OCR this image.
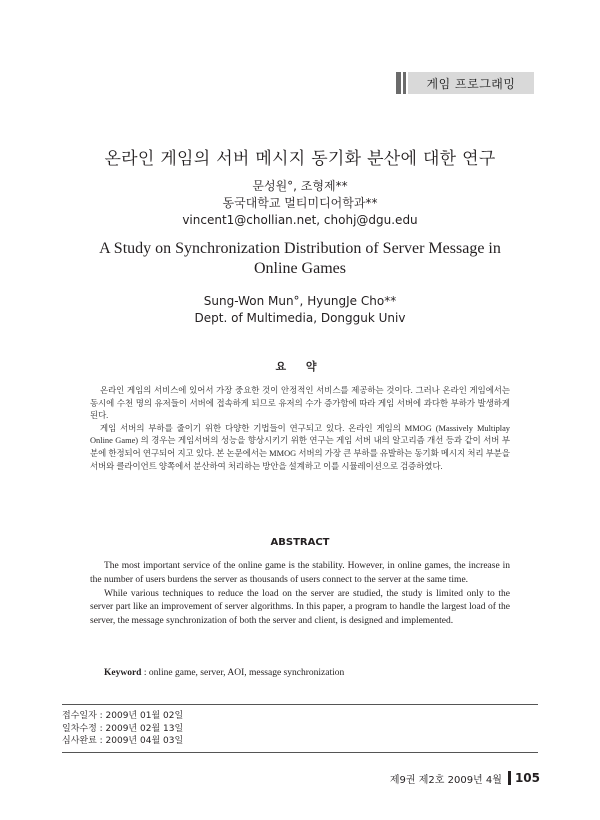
게임 프로그래밍
온라인 게임의 서버 메시지 동기화 분산에 대한 연구
문성원°, 조형제**
동국대학교 멀티미디어학과**
vincent1@chollian.net, chohj@dgu.edu
A Study on Synchronization Distribution of Server Message in
Online Games
Sung-Won Mun°, HyungJe Cho**
Dept. of Multimedia, Dongguk Univ
요 약

온라인 게임의 서비스에 있어서 가장 중요한 것이 안정적인 서비스를 제공하는 것이다. 그러나 온라인 게임에서는 동시에 수천 명의 유저들이 서버에 접속하게 되므로 유저의 수가 증가함에 따라 게임 서버에 과다한 부하가 발생하게 된다.

게임 서버의 부하를 줄이기 위한 다양한 기법들이 연구되고 있다. 온라인 게임의 MMOG (Massively Multiplay Online Game) 의 경우는 게임서버의 성능을 향상시키기 위한 연구는 게임 서버 내의 알고리즘 개선 등과 같이 서버 부분에 한정되어 연구되어 지고 있다. 본 논문에서는 MMOG 서버의 가장 큰 부하를 유발하는 동기화 메시지 처리 부분을 서버와 클라이언트 양쪽에서 분산하여 처리하는 방안을 설계하고 이를 시뮬레이션으로 검증하였다.

ABSTRACT

The most important service of the online game is the stability. However, in online games, the increase in the number of users burdens the server as thousands of users connect to the server at the same time.

While various techniques to reduce the load on the server are studied, the study is limited only to the server part like an improvement of server algorithms. In this paper, a program to handle the largest load of the server, the message synchronization of both the server and client, is designed and implemented.

Keyword : online game, server, AOI, message synchronization
접수일자 : 2009년 01월 02일
일차수정 : 2009년 02월 13일
심사완료 : 2009년 04월 03일
제9권 제2호 2009년 4월 105
